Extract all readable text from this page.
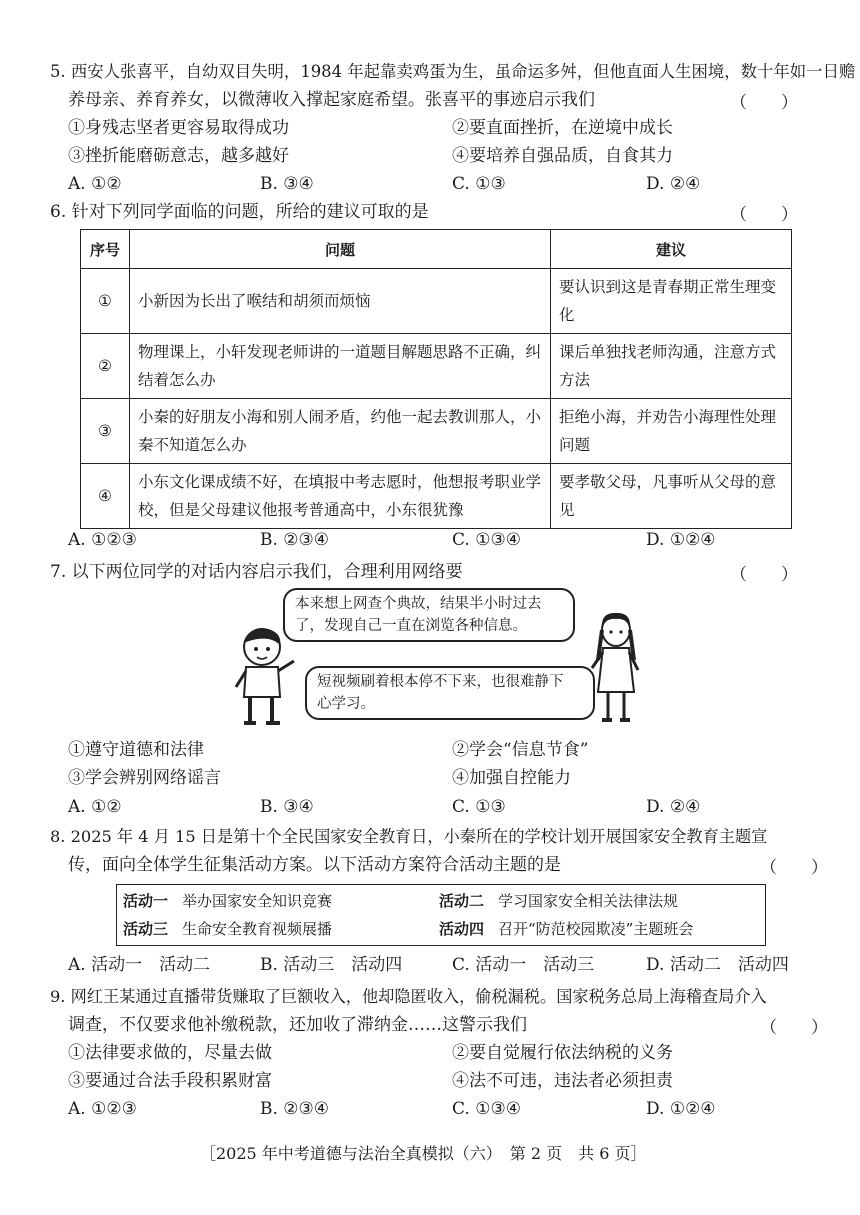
5. 西安人张喜平，自幼双目失明，1984 年起靠卖鸡蛋为生，虽命运多舛，但他直面人生困境，数十年如一日赡
养母亲、养育养女，以微薄收入撑起家庭希望。张喜平的事迹启示我们	（　　）
①身残志坚者更容易取得成功	②要直面挫折，在逆境中成长
③挫折能磨砺意志，越多越好	④要培养自强品质，自食其力
A. ①②	B. ③④	C. ①③	D. ②④
6. 针对下列同学面临的问题，所给的建议可取的是	（　　）
序号	问题	建议
①	小新因为长出了喉结和胡须而烦恼	要认识到这是青春期正常生理变化
②	物理课上，小轩发现老师讲的一道题目解题思路不正确，纠结着怎么办	课后单独找老师沟通，注意方式方法
③	小秦的好朋友小海和别人闹矛盾，约他一起去教训那人，小秦不知道怎么办	拒绝小海，并劝告小海理性处理问题
④	小东文化课成绩不好，在填报中考志愿时，他想报考职业学校，但是父母建议他报考普通高中，小东很犹豫	要孝敬父母，凡事听从父母的意见
A. ①②③	B. ②③④	C. ①③④	D. ①②④
7. 以下两位同学的对话内容启示我们，合理利用网络要	（　　）
本来想上网查个典故，结果半小时过去
了，发现自己一直在浏览各种信息。
短视频刷着根本停不下来，也很难静下
心学习。
①遵守道德和法律	②学会“信息节食”
③学会辨别网络谣言	④加强自控能力
A. ①②	B. ③④	C. ①③	D. ②④
8. 2025 年 4 月 15 日是第十个全民国家安全教育日，小秦所在的学校计划开展国家安全教育主题宣
传，面向全体学生征集活动方案。以下活动方案符合活动主题的是	（　　）
活动一 举办国家安全知识竞赛	活动二 学习国家安全相关法律法规
活动三 生命安全教育视频展播	活动四 召开“防范校园欺凌”主题班会
A. 活动一　活动二	B. 活动三　活动四	C. 活动一　活动三	D. 活动二　活动四
9. 网红王某通过直播带货赚取了巨额收入，他却隐匿收入，偷税漏税。国家税务总局上海稽查局介入
调查，不仅要求他补缴税款，还加收了滞纳金……这警示我们	（　　）
①法律要求做的，尽量去做	②要自觉履行依法纳税的义务
③要通过合法手段积累财富	④法不可违，违法者必须担责
A. ①②③	B. ②③④	C. ①③④	D. ①②④
［2025 年中考道德与法治全真模拟（六）　第 2 页　共 6 页］
